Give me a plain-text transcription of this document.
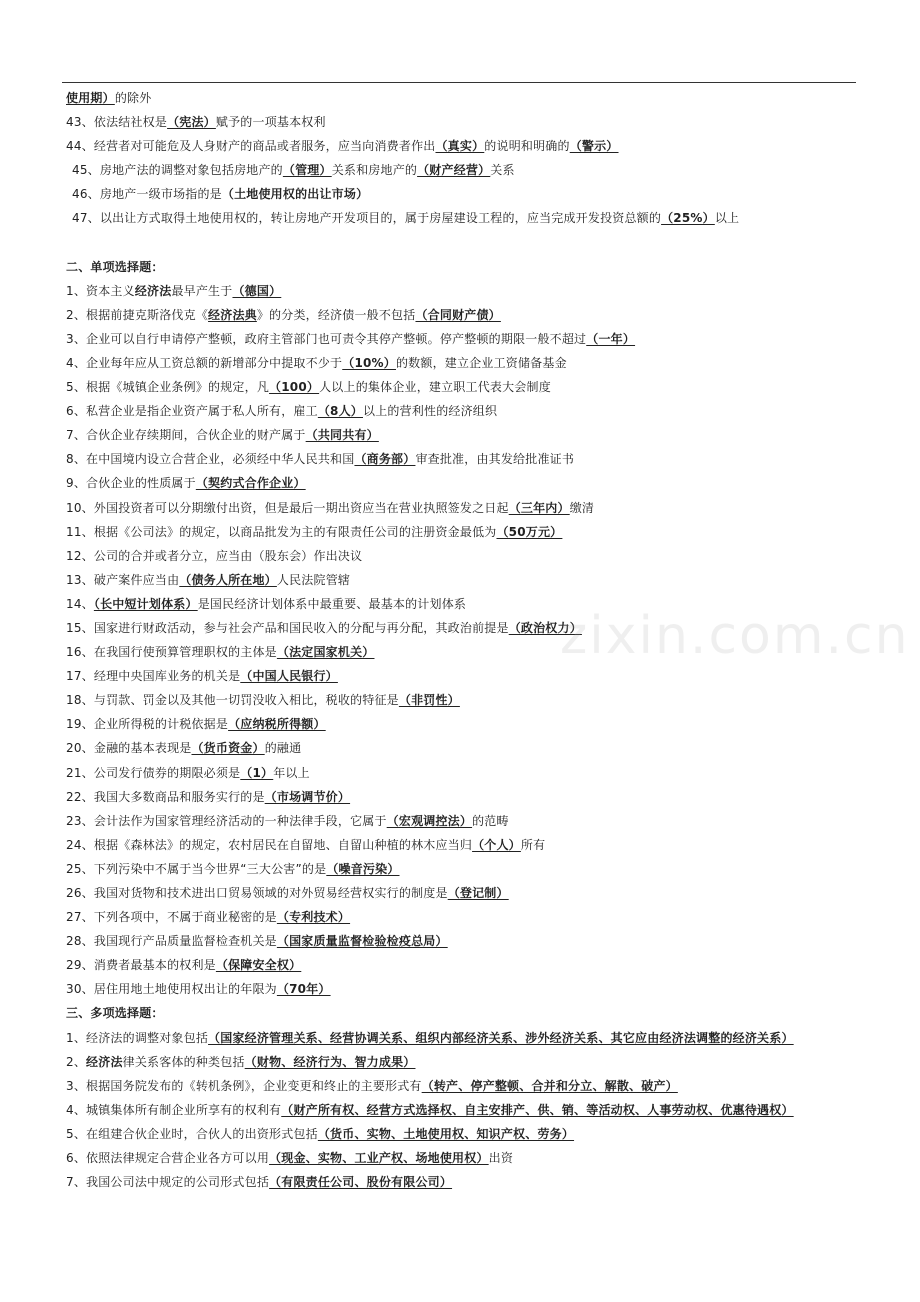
使用期）的除外
43、依法结社权是（宪法）赋予的一项基本权利
44、经营者对可能危及人身财产的商品或者服务，应当向消费者作出（真实）的说明和明确的（警示）
45、房地产法的调整对象包括房地产的（管理）关系和房地产的（财产经营）关系
46、房地产一级市场指的是（土地使用权的出让市场）
47、以出让方式取得土地使用权的，转让房地产开发项目的，属于房屋建设工程的，应当完成开发投资总额的（25%）以上
二、单项选择题：
1、资本主义经济法最早产生于（德国）
2、根据前捷克斯洛伐克《经济法典》的分类，经济债一般不包括（合同财产债）
3、企业可以自行申请停产整顿，政府主管部门也可责令其停产整顿。停产整顿的期限一般不超过（一年）
4、企业每年应从工资总额的新增部分中提取不少于（10%）的数额，建立企业工资储备基金
5、根据《城镇企业条例》的规定，凡（100）人以上的集体企业，建立职工代表大会制度
6、私营企业是指企业资产属于私人所有，雇工（8人）以上的营利性的经济组织
7、合伙企业存续期间，合伙企业的财产属于（共同共有）
8、在中国境内设立合营企业，必须经中华人民共和国（商务部）审查批准，由其发给批准证书
9、合伙企业的性质属于（契约式合作企业）
10、外国投资者可以分期缴付出资，但是最后一期出资应当在营业执照签发之日起（三年内）缴清
11、根据《公司法》的规定，以商品批发为主的有限责任公司的注册资金最低为（50万元）
12、公司的合并或者分立，应当由（股东会）作出决议
13、破产案件应当由（债务人所在地）人民法院管辖
14、（长中短计划体系）是国民经济计划体系中最重要、最基本的计划体系
15、国家进行财政活动，参与社会产品和国民收入的分配与再分配，其政治前提是（政治权力）
16、在我国行使预算管理职权的主体是（法定国家机关）
17、经理中央国库业务的机关是（中国人民银行）
18、与罚款、罚金以及其他一切罚没收入相比，税收的特征是（非罚性）
19、企业所得税的计税依据是（应纳税所得额）
20、金融的基本表现是（货币资金）的融通
21、公司发行债券的期限必须是（1）年以上
22、我国大多数商品和服务实行的是（市场调节价）
23、会计法作为国家管理经济活动的一种法律手段，它属于（宏观调控法）的范畴
24、根据《森林法》的规定，农村居民在自留地、自留山种植的林木应当归（个人）所有
25、下列污染中不属于当今世界“三大公害”的是（噪音污染）
26、我国对货物和技术进出口贸易领域的对外贸易经营权实行的制度是（登记制）
27、下列各项中，不属于商业秘密的是（专利技术）
28、我国现行产品质量监督检查机关是（国家质量监督检验检疫总局）
29、消费者最基本的权利是（保障安全权）
30、居住用地土地使用权出让的年限为（70年）
三、多项选择题：
1、经济法的调整对象包括（国家经济管理关系、经营协调关系、组织内部经济关系、涉外经济关系、其它应由经济法调整的经济关系）
2、经济法律关系客体的种类包括（财物、经济行为、智力成果）
3、根据国务院发布的《转机条例》，企业变更和终止的主要形式有（转产、停产整顿、合并和分立、解散、破产）
4、城镇集体所有制企业所享有的权利有（财产所有权、经营方式选择权、自主安排产、供、销、等活动权、人事劳动权、优惠待遇权）
5、在组建合伙企业时，合伙人的出资形式包括（货币、实物、土地使用权、知识产权、劳务）
6、依照法律规定合营企业各方可以用（现金、实物、工业产权、场地使用权）出资
7、我国公司法中规定的公司形式包括（有限责任公司、股份有限公司）
zixin.com.cn
